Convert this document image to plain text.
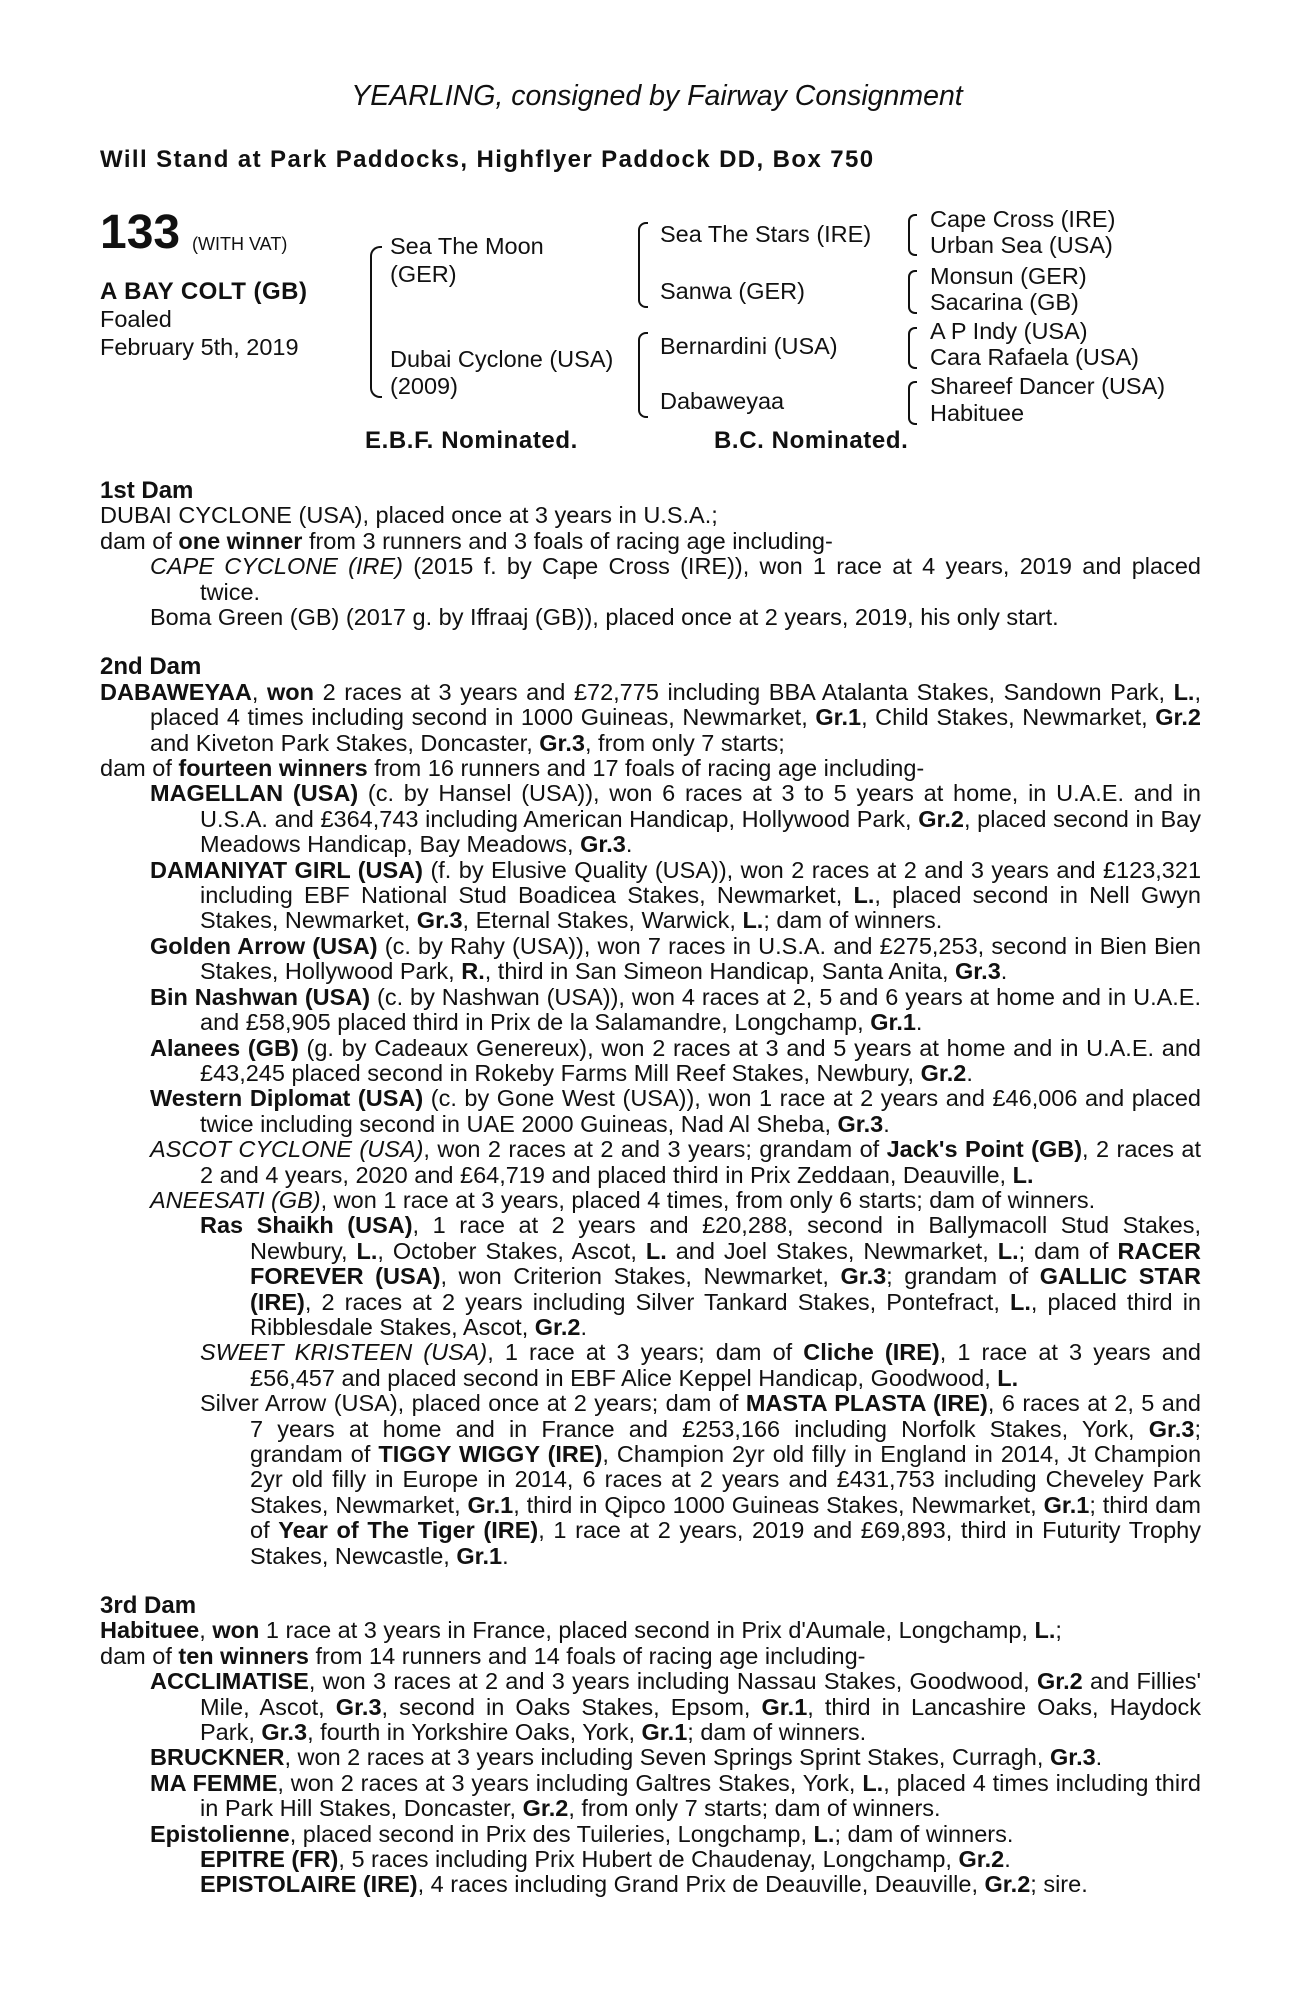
YEARLING, consigned by Fairway Consignment
Will Stand at Park Paddocks, Highflyer Paddock DD, Box 750
133 (WITH VAT)
A BAY COLT (GB)
Foaled
February 5th, 2019
Sea The Moon
(GER)
Dubai Cyclone (USA)
(2009)
Sea The Stars (IRE)
Sanwa (GER)
Bernardini (USA)
Dabaweyaa
Cape Cross (IRE)
Urban Sea (USA)
Monsun (GER)
Sacarina (GB)
A P Indy (USA)
Cara Rafaela (USA)
Shareef Dancer (USA)
Habituee
E.B.F. Nominated.	B.C. Nominated.
1st Dam
DUBAI CYCLONE (USA), placed once at 3 years in U.S.A.;
dam of one winner from 3 runners and 3 foals of racing age including-
CAPE CYCLONE (IRE) (2015 f. by Cape Cross (IRE)), won 1 race at 4 years, 2019 and placed twice.
Boma Green (GB) (2017 g. by Iffraaj (GB)), placed once at 2 years, 2019, his only start.
2nd Dam
DABAWEYAA, won 2 races at 3 years and £72,775 including BBA Atalanta Stakes, Sandown Park, L., placed 4 times including second in 1000 Guineas, Newmarket, Gr.1, Child Stakes, Newmarket, Gr.2 and Kiveton Park Stakes, Doncaster, Gr.3, from only 7 starts;
dam of fourteen winners from 16 runners and 17 foals of racing age including-
MAGELLAN (USA) (c. by Hansel (USA)), won 6 races at 3 to 5 years at home, in U.A.E. and in U.S.A. and £364,743 including American Handicap, Hollywood Park, Gr.2, placed second in Bay Meadows Handicap, Bay Meadows, Gr.3.
DAMANIYAT GIRL (USA) (f. by Elusive Quality (USA)), won 2 races at 2 and 3 years and £123,321 including EBF National Stud Boadicea Stakes, Newmarket, L., placed second in Nell Gwyn Stakes, Newmarket, Gr.3, Eternal Stakes, Warwick, L.; dam of winners.
Golden Arrow (USA) (c. by Rahy (USA)), won 7 races in U.S.A. and £275,253, second in Bien Bien Stakes, Hollywood Park, R., third in San Simeon Handicap, Santa Anita, Gr.3.
Bin Nashwan (USA) (c. by Nashwan (USA)), won 4 races at 2, 5 and 6 years at home and in U.A.E. and £58,905 placed third in Prix de la Salamandre, Longchamp, Gr.1.
Alanees (GB) (g. by Cadeaux Genereux), won 2 races at 3 and 5 years at home and in U.A.E. and £43,245 placed second in Rokeby Farms Mill Reef Stakes, Newbury, Gr.2.
Western Diplomat (USA) (c. by Gone West (USA)), won 1 race at 2 years and £46,006 and placed twice including second in UAE 2000 Guineas, Nad Al Sheba, Gr.3.
ASCOT CYCLONE (USA), won 2 races at 2 and 3 years; grandam of Jack's Point (GB), 2 races at 2 and 4 years, 2020 and £64,719 and placed third in Prix Zeddaan, Deauville, L.
ANEESATI (GB), won 1 race at 3 years, placed 4 times, from only 6 starts; dam of winners.
Ras Shaikh (USA), 1 race at 2 years and £20,288, second in Ballymacoll Stud Stakes, Newbury, L., October Stakes, Ascot, L. and Joel Stakes, Newmarket, L.; dam of RACER FOREVER (USA), won Criterion Stakes, Newmarket, Gr.3; grandam of GALLIC STAR (IRE), 2 races at 2 years including Silver Tankard Stakes, Pontefract, L., placed third in Ribblesdale Stakes, Ascot, Gr.2.
SWEET KRISTEEN (USA), 1 race at 3 years; dam of Cliche (IRE), 1 race at 3 years and £56,457 and placed second in EBF Alice Keppel Handicap, Goodwood, L.
Silver Arrow (USA), placed once at 2 years; dam of MASTA PLASTA (IRE), 6 races at 2, 5 and 7 years at home and in France and £253,166 including Norfolk Stakes, York, Gr.3; grandam of TIGGY WIGGY (IRE), Champion 2yr old filly in England in 2014, Jt Champion 2yr old filly in Europe in 2014, 6 races at 2 years and £431,753 including Cheveley Park Stakes, Newmarket, Gr.1, third in Qipco 1000 Guineas Stakes, Newmarket, Gr.1; third dam of Year of The Tiger (IRE), 1 race at 2 years, 2019 and £69,893, third in Futurity Trophy Stakes, Newcastle, Gr.1.
3rd Dam
Habituee, won 1 race at 3 years in France, placed second in Prix d'Aumale, Longchamp, L.;
dam of ten winners from 14 runners and 14 foals of racing age including-
ACCLIMATISE, won 3 races at 2 and 3 years including Nassau Stakes, Goodwood, Gr.2 and Fillies' Mile, Ascot, Gr.3, second in Oaks Stakes, Epsom, Gr.1, third in Lancashire Oaks, Haydock Park, Gr.3, fourth in Yorkshire Oaks, York, Gr.1; dam of winners.
BRUCKNER, won 2 races at 3 years including Seven Springs Sprint Stakes, Curragh, Gr.3.
MA FEMME, won 2 races at 3 years including Galtres Stakes, York, L., placed 4 times including third in Park Hill Stakes, Doncaster, Gr.2, from only 7 starts; dam of winners.
Epistolienne, placed second in Prix des Tuileries, Longchamp, L.; dam of winners.
EPITRE (FR), 5 races including Prix Hubert de Chaudenay, Longchamp, Gr.2.
EPISTOLAIRE (IRE), 4 races including Grand Prix de Deauville, Deauville, Gr.2; sire.
